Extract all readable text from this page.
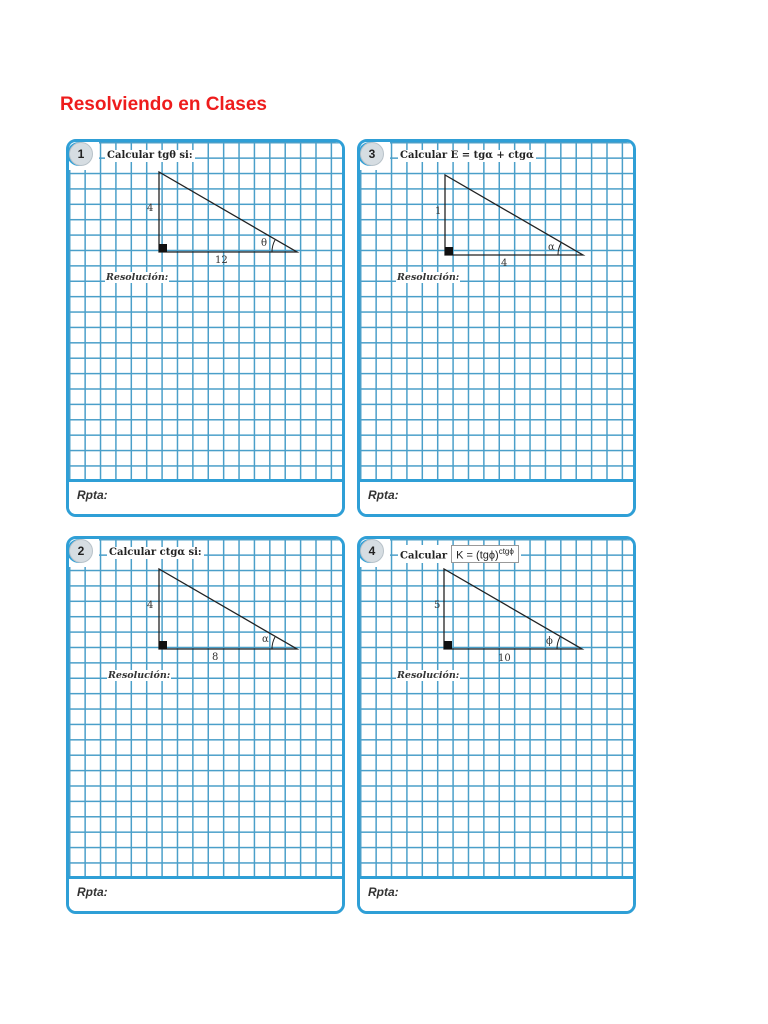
Resolviendo en Clases
1	Calcular tgθ si:
4
12
θ
Resolución:
Rpta:
3	Calcular E = tgα + ctgα
1
4
α
Resolución:
Rpta:
2	Calcular ctgα si:
4
8
α
Resolución:
Rpta:
4	Calcular $K = (tg\phi)^{ctg\phi}$
5
10
ϕ
Resolución:
Rpta:
